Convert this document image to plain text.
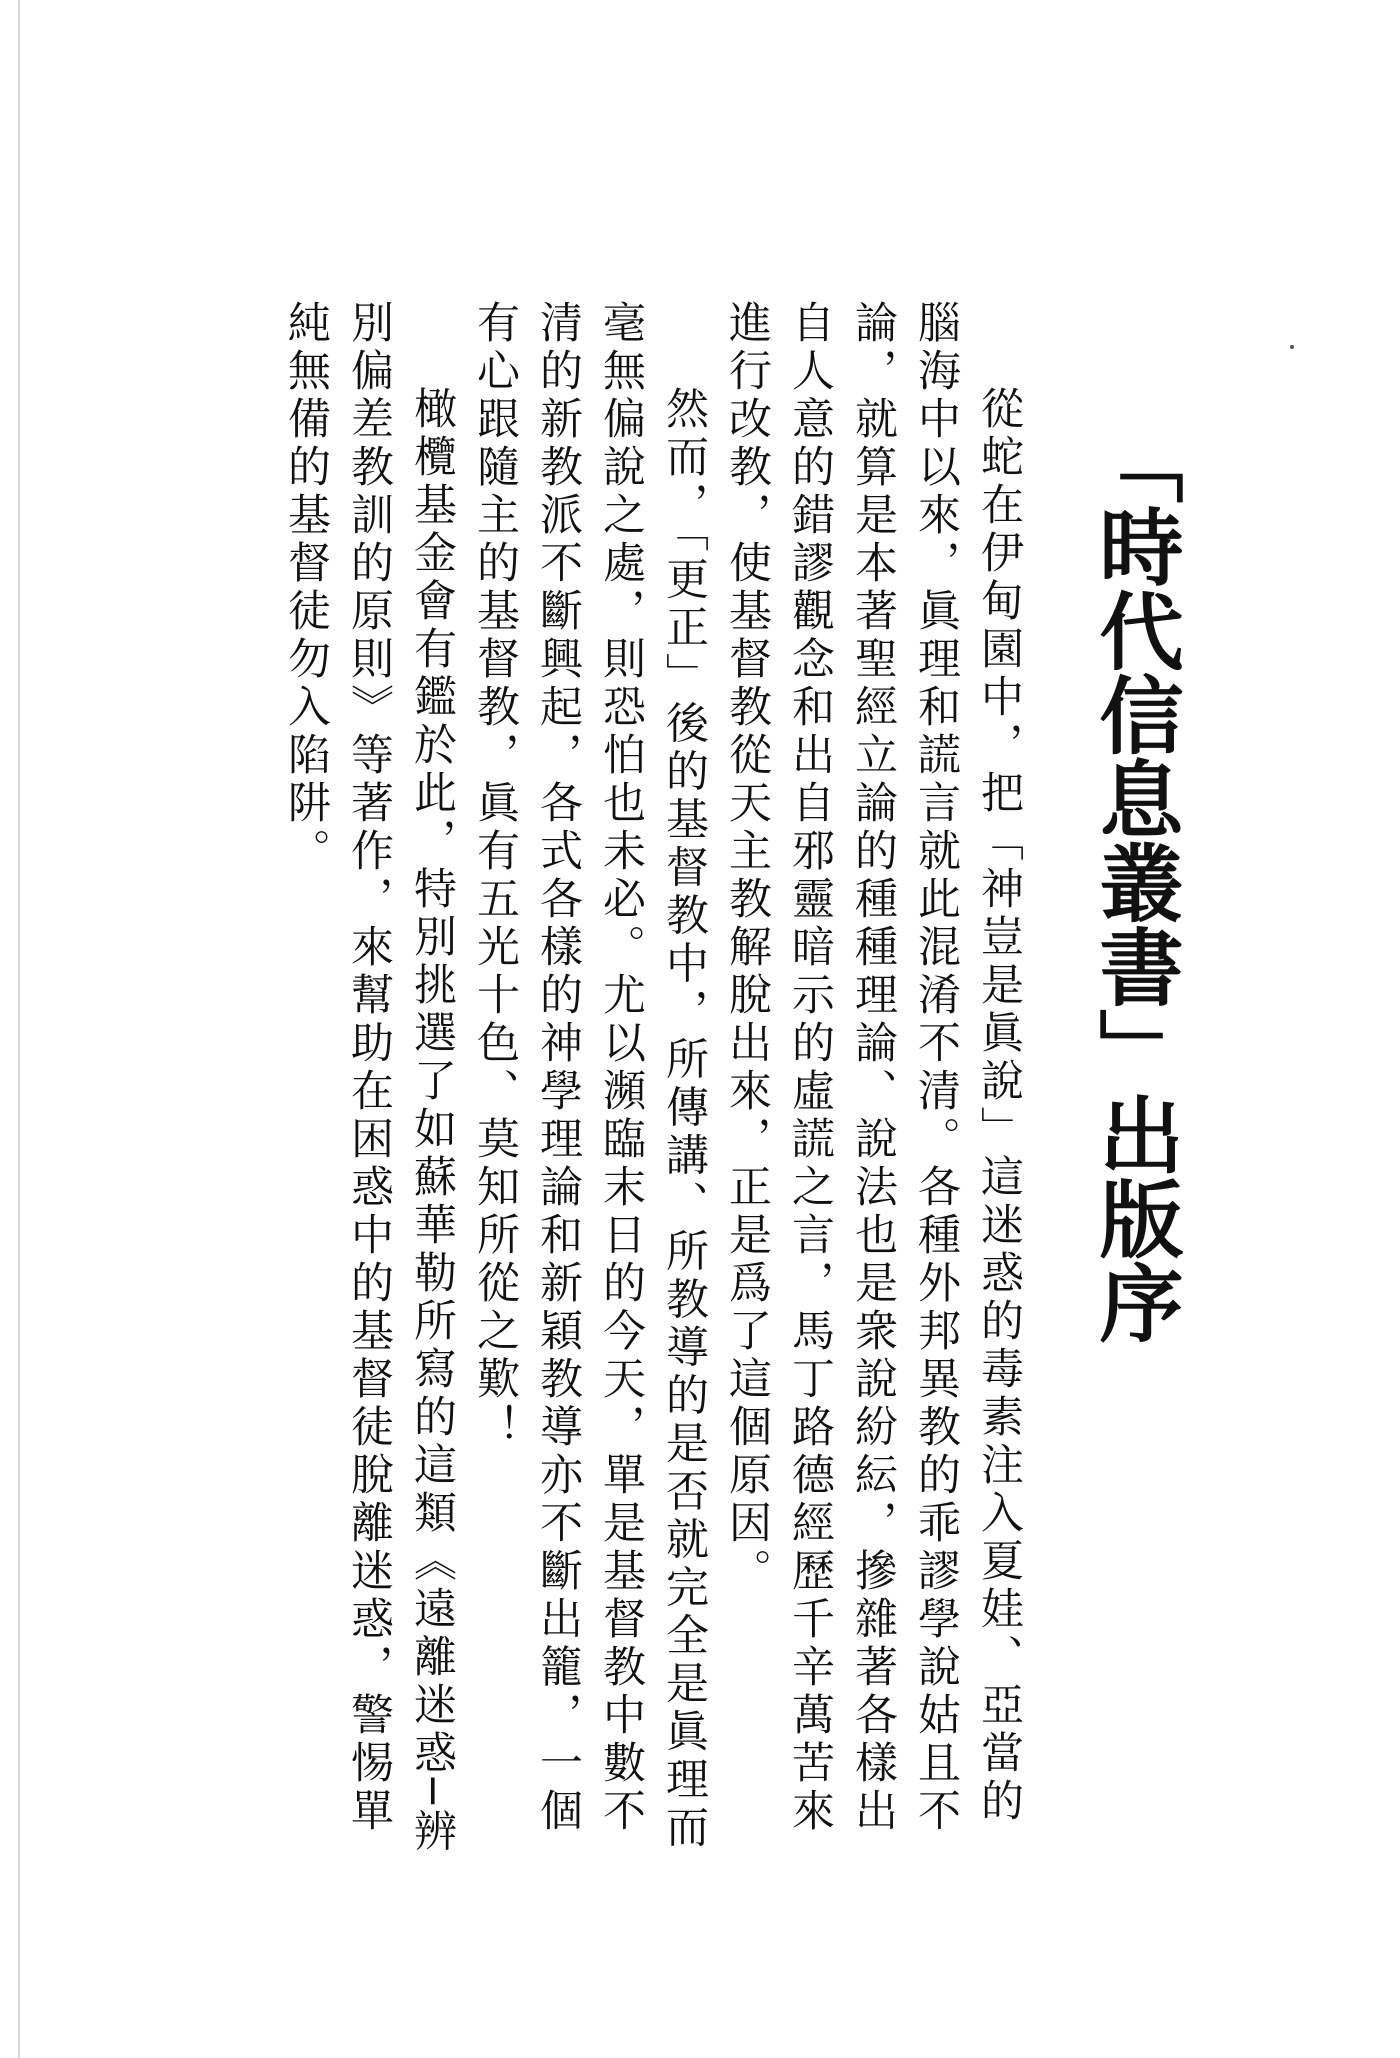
「時代信息叢書」出版序

從蛇在伊甸園中，把「神豈是眞說」這迷惑的毒素注入夏娃、亞當的腦海中以來，眞理和謊言就此混淆不清。各種外邦異教的乖謬學說姑且不論，就算是本著聖經立論的種種理論、說法也是衆說紛紜，摻雜著各樣出自人意的錯謬觀念和出自邪靈暗示的虛謊之言，馬丁路德經歷千辛萬苦來進行改教，使基督教從天主教解脫出來，正是爲了這個原因。

然而，「更正」後的基督教中，所傳講、所教導的是否就完全是眞理而毫無偏說之處，則恐怕也未必。尤以瀕臨末日的今天，單是基督教中數不清的新教派不斷興起，各式各樣的神學理論和新穎教導亦不斷出籠，一個有心跟隨主的基督教，眞有五光十色、莫知所從之歎！

橄欖基金會有鑑於此，特別挑選了如蘇華勒所寫的這類《遠離迷惑─辨別偏差教訓的原則》等著作，來幫助在困惑中的基督徒脫離迷惑，警惕單純無備的基督徒勿入陷阱。
